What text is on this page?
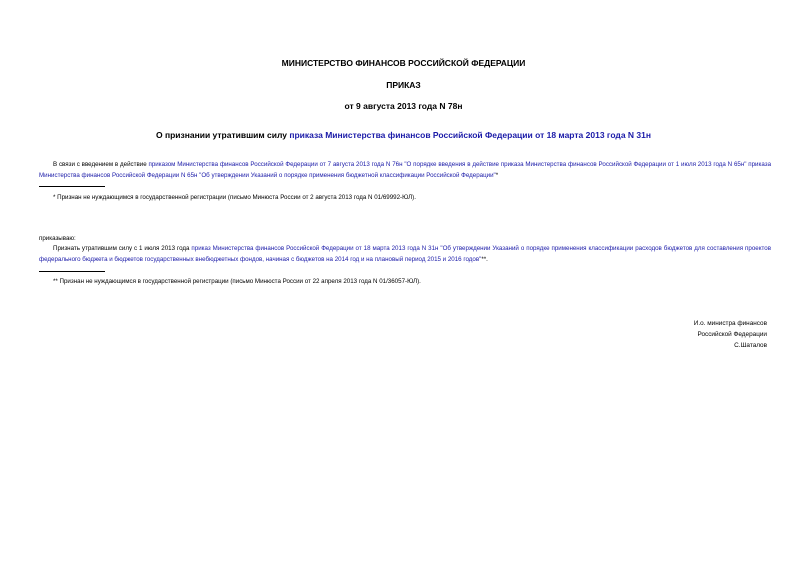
МИНИСТЕРСТВО ФИНАНСОВ РОССИЙСКОЙ ФЕДЕРАЦИИ
ПРИКАЗ
от 9 августа 2013 года N 78н
О признании утратившим силу приказа Министерства финансов Российской Федерации от 18 марта 2013 года N 31н
В связи с введением в действие приказом Министерства финансов Российской Федерации от 7 августа 2013 года N 76н "О порядке введения в действие приказа Министерства финансов Российской Федерации от 1 июля 2013 года N 65н" приказа Министерства финансов Российской Федерации N 65н "Об утверждении Указаний о порядке применения бюджетной классификации Российской Федерации"*
* Признан не нуждающимся в государственной регистрации (письмо Минюста России от 2 августа 2013 года N 01/69992-ЮЛ).
приказываю:
Признать утратившим силу с 1 июля 2013 года приказ Министерства финансов Российской Федерации от 18 марта 2013 года N 31н "Об утверждении Указаний о порядке применения классификации расходов бюджетов для составления проектов федерального бюджета и бюджетов государственных внебюджетных фондов, начиная с бюджетов на 2014 год и на плановый период 2015 и 2016 годов"**.
** Признан не нуждающимся в государственной регистрации (письмо Минюста России от 22 апреля 2013 года N 01/36057-ЮЛ).
И.о. министра финансов
Российской Федерации
С.Шаталов
